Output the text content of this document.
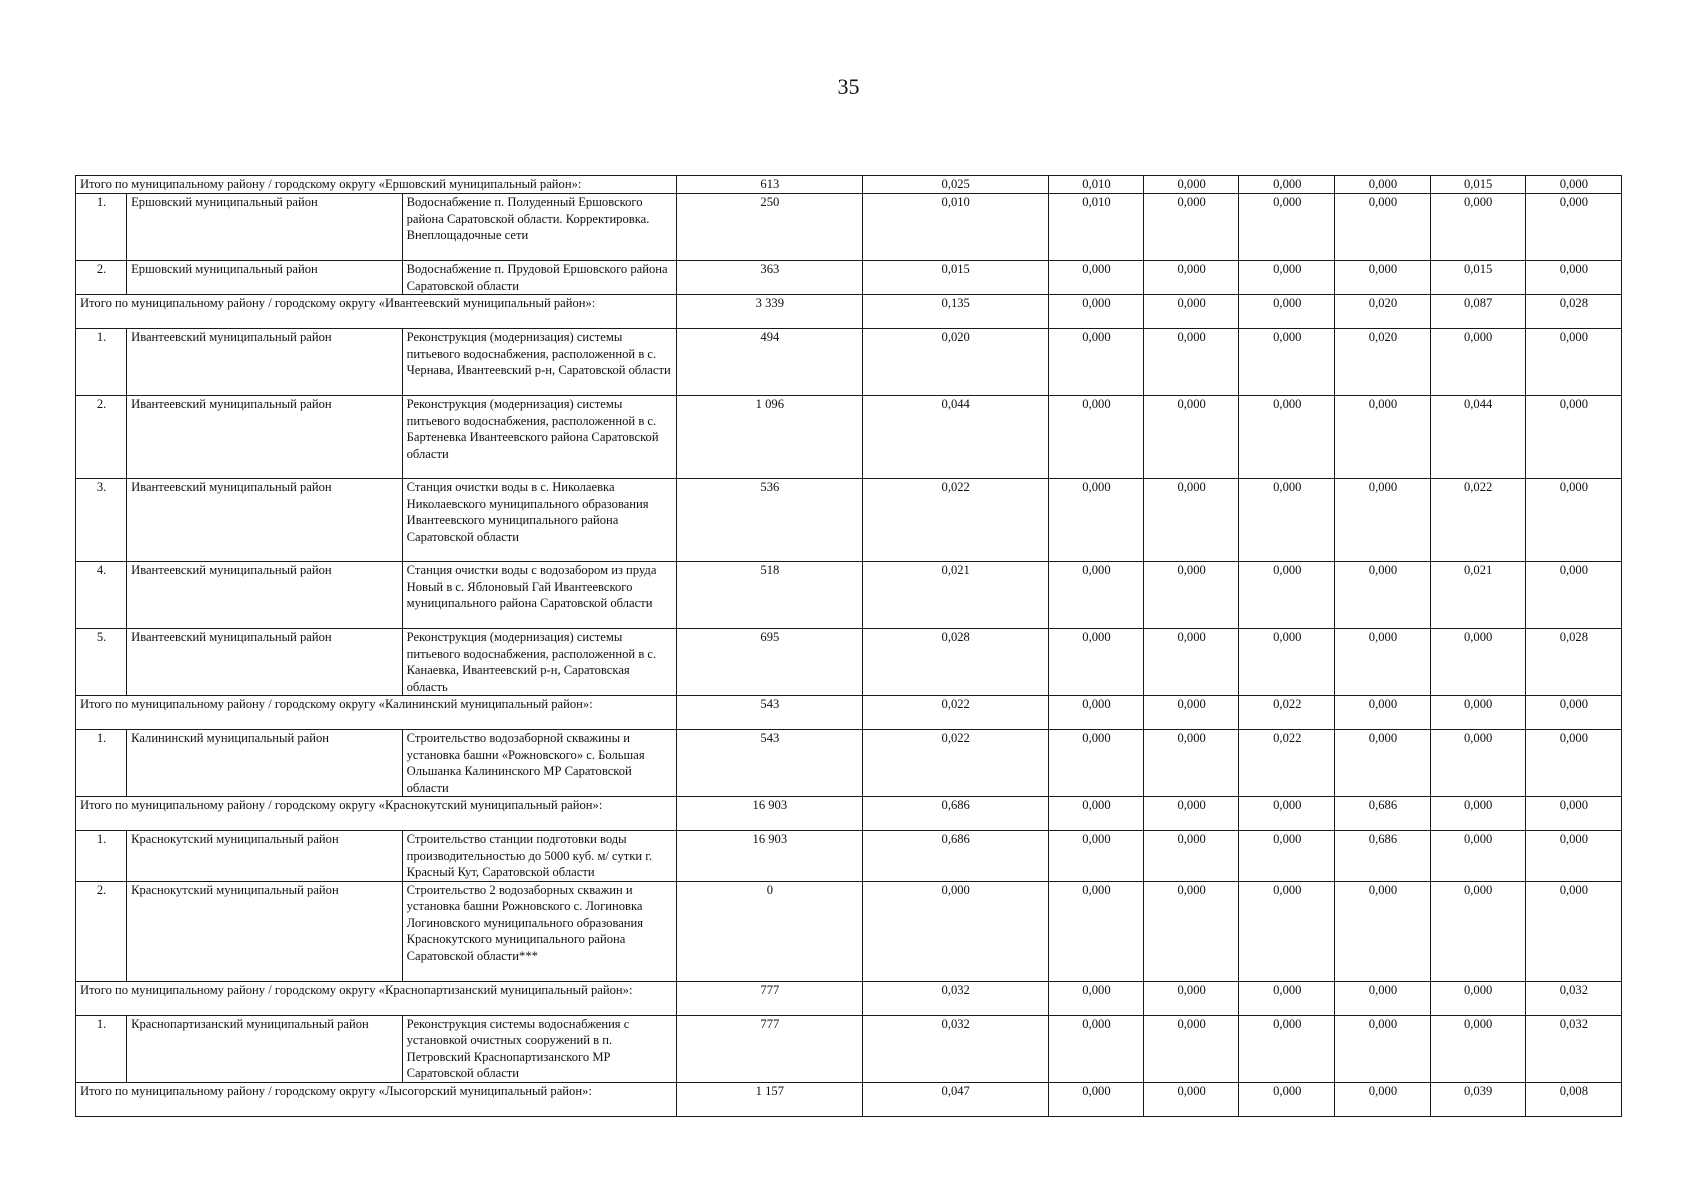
35
Итого по муниципальному району / городскому округу «Ершовский муниципальный район»:			613	0,025	0,010	0,000	0,000	0,000	0,015	0,000
1.	Ершовский муниципальный район	Водоснабжение п. Полуденный Ершовского района Саратовской области. Корректировка. Внеплощадочные сети	250	0,010	0,010	0,000	0,000	0,000	0,000	0,000
2.	Ершовский муниципальный район	Водоснабжение п. Прудовой Ершовского района Саратовской области	363	0,015	0,000	0,000	0,000	0,000	0,015	0,000
Итого по муниципальному району / городскому округу «Ивантеевский муниципальный район»:			3 339	0,135	0,000	0,000	0,000	0,020	0,087	0,028
1.	Ивантеевский муниципальный район	Реконструкция (модернизация) системы питьевого водоснабжения, расположенной в с. Чернава, Ивантеевский р-н, Саратовской области	494	0,020	0,000	0,000	0,000	0,020	0,000	0,000
2.	Ивантеевский муниципальный район	Реконструкция (модернизация) системы питьевого водоснабжения, расположенной в с. Бартеневка Ивантеевского района Саратовской области	1 096	0,044	0,000	0,000	0,000	0,000	0,044	0,000
3.	Ивантеевский муниципальный район	Станция очистки воды в с. Николаевка Николаевского муниципального образования Ивантеевского муниципального района Саратовской области	536	0,022	0,000	0,000	0,000	0,000	0,022	0,000
4.	Ивантеевский муниципальный район	Станция очистки воды с водозабором из пруда Новый в с. Яблоновый Гай Ивантеевского муниципального района Саратовской области	518	0,021	0,000	0,000	0,000	0,000	0,021	0,000
5.	Ивантеевский муниципальный район	Реконструкция (модернизация) системы питьевого водоснабжения, расположенной в с. Канаевка, Ивантеевский р-н, Саратовская область	695	0,028	0,000	0,000	0,000	0,000	0,000	0,028
Итого по муниципальному району / городскому округу «Калининский муниципальный район»:			543	0,022	0,000	0,000	0,022	0,000	0,000	0,000
1.	Калининский муниципальный район	Строительство водозаборной скважины и установка башни «Рожновского» с. Большая Ольшанка Калининского МР Саратовской области	543	0,022	0,000	0,000	0,022	0,000	0,000	0,000
Итого по муниципальному району / городскому округу «Краснокутский муниципальный район»:			16 903	0,686	0,000	0,000	0,000	0,686	0,000	0,000
1.	Краснокутский муниципальный район	Строительство станции подготовки воды производительностью до 5000 куб. м/ сутки г. Красный Кут, Саратовской области	16 903	0,686	0,000	0,000	0,000	0,686	0,000	0,000
2.	Краснокутский муниципальный район	Строительство 2 водозаборных скважин и установка башни Рожновского с. Логиновка Логиновского муниципального образования Краснокутского муниципального района Саратовской области***	0	0,000	0,000	0,000	0,000	0,000	0,000	0,000
Итого по муниципальному району / городскому округу «Краснопартизанский муниципальный район»:			777	0,032	0,000	0,000	0,000	0,000	0,000	0,032
1.	Краснопартизанский муниципальный район	Реконструкция системы водоснабжения с установкой очистных сооружений в п. Петровский Краснопартизанского МР Саратовской области	777	0,032	0,000	0,000	0,000	0,000	0,000	0,032
Итого по муниципальному району / городскому округу «Лысогорский муниципальный район»:			1 157	0,047	0,000	0,000	0,000	0,000	0,039	0,008
